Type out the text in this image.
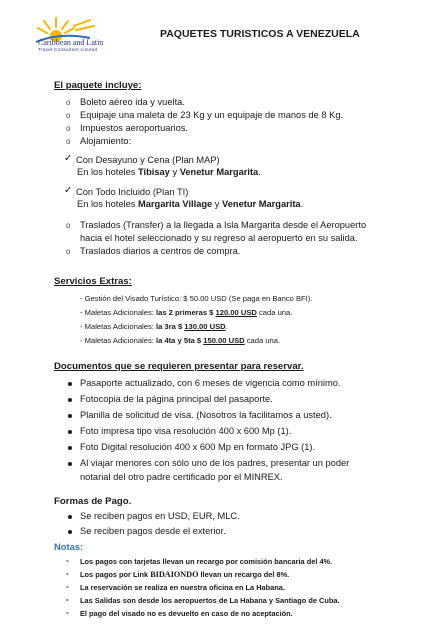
Caribbean and Latin
Travel Consultant Limited
PAQUETES TURISTICOS A VENEZUELA
El paquete incluye:
o Boleto aéreo ida y vuelta.
o Equipaje una maleta de 23 Kg y un equipaje de manos de 8 Kg.
o Impuestos aeroportuarios.
o Alojamiento:
✓ Con Desayuno y Cena (Plan MAP)
En los hoteles Tibisay y Venetur Margarita.
✓ Con Todo Incluido (Plan TI)
En los hoteles Margarita Village y Venetur Margarita.
o Traslados (Transfer) a la llegada a Isla Margarita desde el Aeropuerto
hacia el hotel seleccionado y su regreso al aeropuerto en su salida.
o Traslados diarios a centros de compra.
Servicios Extras:
- Gestión del Visado Turístico: $ 50.00 USD (Se paga en Banco BFI).
- Maletas Adicionales: las 2 primeras $ 120.00 USD cada una.
- Maletas Adicionales: la 3ra $ 130.00 USD.
- Maletas Adicionales: la 4ta y 5ta $ 150.00 USD cada una.
Documentos que se requieren presentar para reservar.
Pasaporte actualizado, con 6 meses de vigencia como mínimo.
Fotocopia de la página principal del pasaporte.
Planilla de solicitud de visa. (Nosotros la facilitamos a usted).
Foto impresa tipo visa resolución 400 x 600 Mp (1).
Foto Digital resolución 400 x 600 Mp en formato JPG (1).
Al viajar menores con sólo uno de los padres, presentar un poder
notarial del otro padre certificado por el MINREX.
Formas de Pago.
Se reciben pagos en USD, EUR, MLC.
Se reciben pagos desde el exterior.
Notas:
- Los pagos con tarjetas llevan un recargo por comisión bancaria del 4%.
- Los pagos por Link BIDAIONDO llevan un recargo del 8%.
- La reservación se realiza en nuestra oficina en La Habana.
- Las Salidas son desde los aeropuertos de La Habana y Santiago de Cuba.
- El pago del visado no es devuelto en caso de no aceptación.
